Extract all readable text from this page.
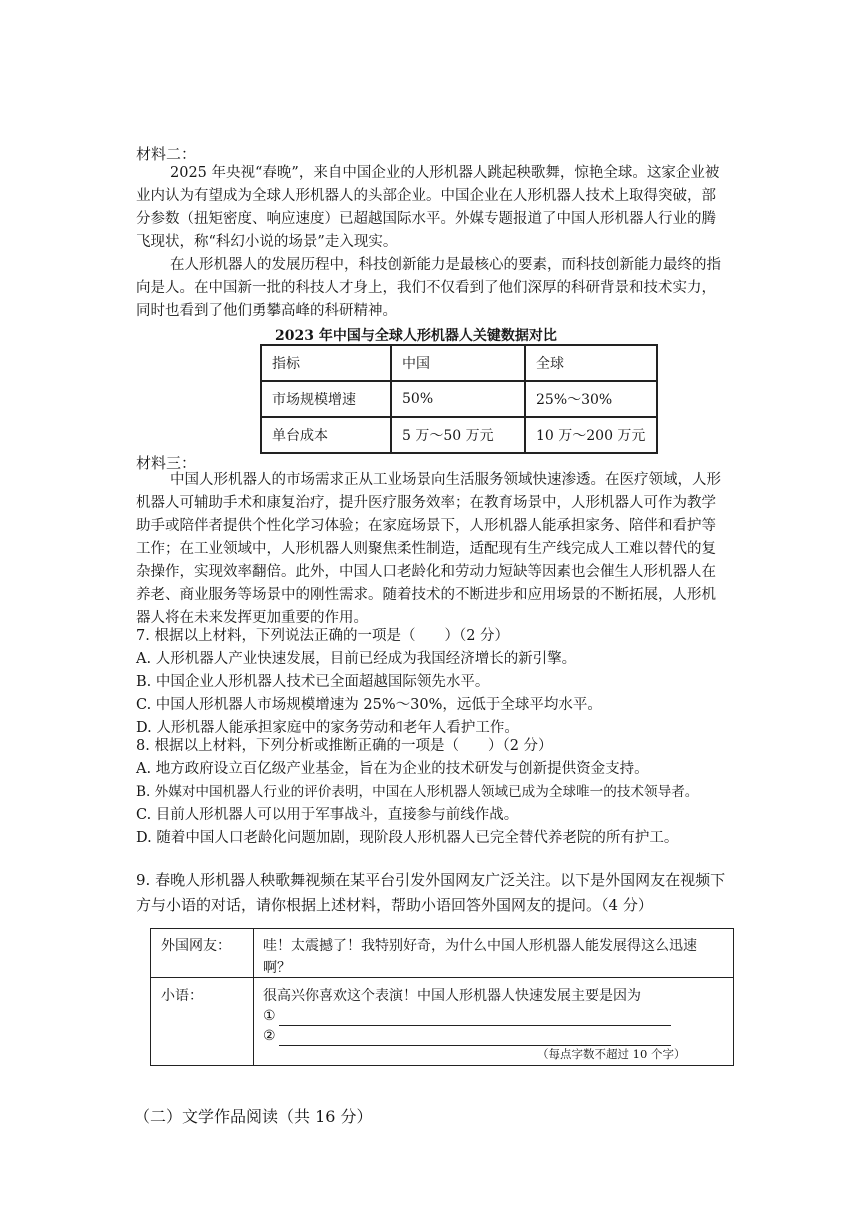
材料二：
2025 年央视“春晚”，来自中国企业的人形机器人跳起秧歌舞，惊艳全球。这家企业被
业内认为有望成为全球人形机器人的头部企业。中国企业在人形机器人技术上取得突破，部
分参数（扭矩密度、响应速度）已超越国际水平。外媒专题报道了中国人形机器人行业的腾
飞现状，称“科幻小说的场景”走入现实。
在人形机器人的发展历程中，科技创新能力是最核心的要素，而科技创新能力最终的指
向是人。在中国新一批的科技人才身上，我们不仅看到了他们深厚的科研背景和技术实力，
同时也看到了他们勇攀高峰的科研精神。
2023 年中国与全球人形机器人关键数据对比
指标	中国	全球
市场规模增速	50%	25%～30%
单台成本	5 万～50 万元	10 万～200 万元
材料三：
中国人形机器人的市场需求正从工业场景向生活服务领域快速渗透。在医疗领域，人形
机器人可辅助手术和康复治疗，提升医疗服务效率；在教育场景中，人形机器人可作为教学
助手或陪伴者提供个性化学习体验；在家庭场景下，人形机器人能承担家务、陪伴和看护等
工作；在工业领域中，人形机器人则聚焦柔性制造，适配现有生产线完成人工难以替代的复
杂操作，实现效率翻倍。此外，中国人口老龄化和劳动力短缺等因素也会催生人形机器人在
养老、商业服务等场景中的刚性需求。随着技术的不断进步和应用场景的不断拓展，人形机
器人将在未来发挥更加重要的作用。
7. 根据以上材料，下列说法正确的一项是（　　）（2 分）
A. 人形机器人产业快速发展，目前已经成为我国经济增长的新引擎。
B. 中国企业人形机器人技术已全面超越国际领先水平。
C. 中国人形机器人市场规模增速为 25%～30%，远低于全球平均水平。
D. 人形机器人能承担家庭中的家务劳动和老年人看护工作。
8. 根据以上材料，下列分析或推断正确的一项是（　　）（2 分）
A. 地方政府设立百亿级产业基金，旨在为企业的技术研发与创新提供资金支持。
B. 外媒对中国机器人行业的评价表明，中国在人形机器人领域已成为全球唯一的技术领导者。
C. 目前人形机器人可以用于军事战斗，直接参与前线作战。
D. 随着中国人口老龄化问题加剧，现阶段人形机器人已完全替代养老院的所有护工。
9. 春晚人形机器人秧歌舞视频在某平台引发外国网友广泛关注。以下是外国网友在视频下
方与小语的对话，请你根据上述材料，帮助小语回答外国网友的提问。（4 分）
外国网友： 哇！太震撼了！我特别好奇，为什么中国人形机器人能发展得这么迅速
啊？
小语：	很高兴你喜欢这个表演！中国人形机器人快速发展主要是因为
①
②
（每点字数不超过 10 个字）
（二）文学作品阅读（共 16 分）
